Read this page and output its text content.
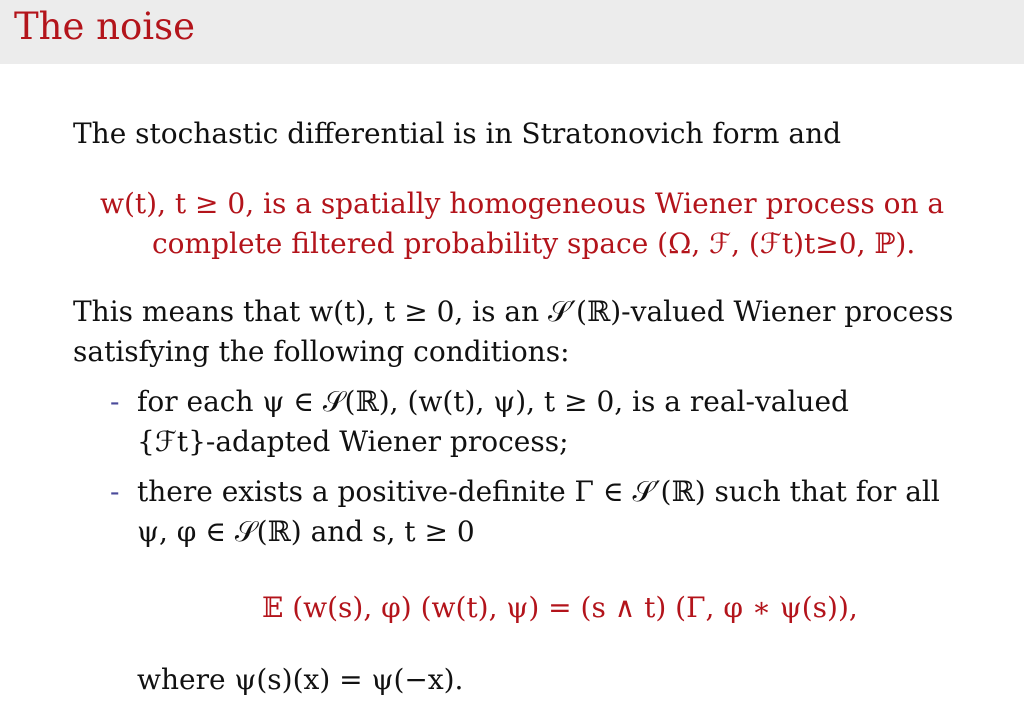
The noise
The stochastic differential is in Stratonovich form and
w(t), t ≥ 0, is a spatially homogeneous Wiener process on a
complete filtered probability space (Ω, ℱ, (ℱt)t≥0, ℙ).
This means that w(t), t ≥ 0, is an 𝒮′(ℝ)-valued Wiener process
satisfying the following conditions:
- for each ψ ∈ 𝒮(ℝ), (w(t), ψ), t ≥ 0, is a real-valued
{ℱt}-adapted Wiener process;
- there exists a positive-definite Γ ∈ 𝒮′(ℝ) such that for all
ψ, φ ∈ 𝒮(ℝ) and s, t ≥ 0
𝔼 (w(s), φ) (w(t), ψ) = (s ∧ t) (Γ, φ ∗ ψ(s)),
where ψ(s)(x) = ψ(−x).
